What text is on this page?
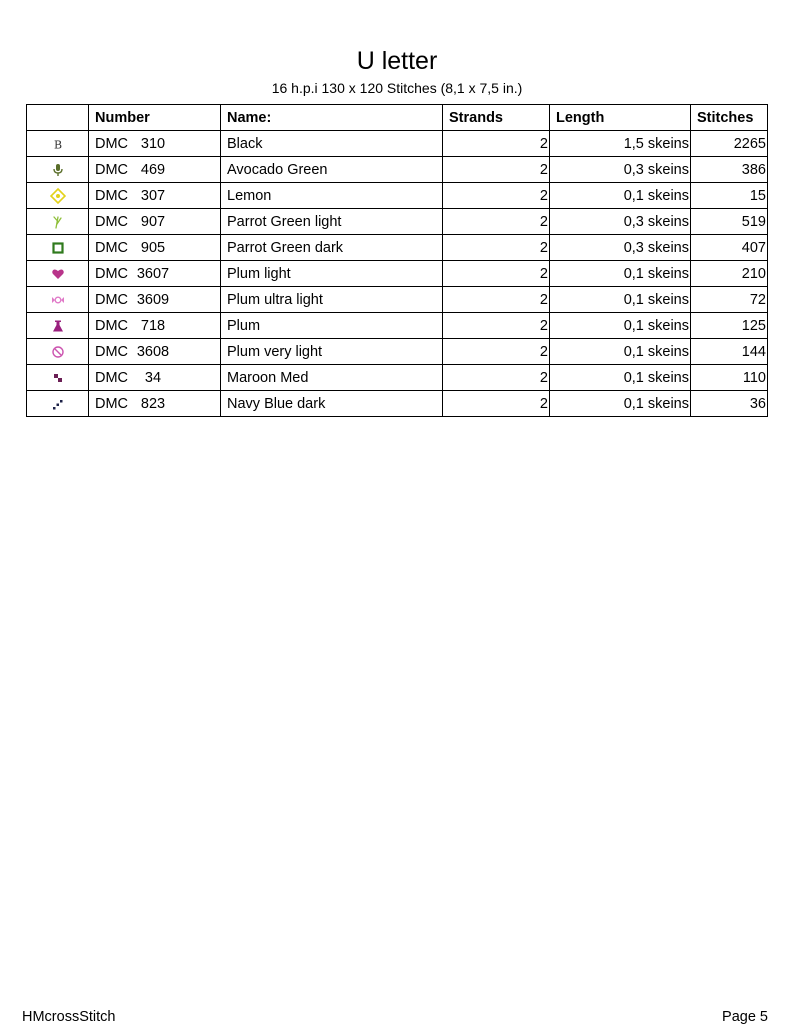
U letter
16 h.p.i 130 x 120 Stitches (8,1 x 7,5 in.)
	Number	Name:	Strands	Length	Stitches

B	DMC 310	Black	2	1,5 skeins	2265
	DMC 469	Avocado Green	2	0,3 skeins	386
	DMC 307	Lemon	2	0,1 skeins	15
	DMC 907	Parrot Green light	2	0,3 skeins	519
	DMC 905	Parrot Green dark	2	0,3 skeins	407
	DMC 3607	Plum light	2	0,1 skeins	210
	DMC 3609	Plum ultra light	2	0,1 skeins	72
	DMC 718	Plum	2	0,1 skeins	125
	DMC 3608	Plum very light	2	0,1 skeins	144
	DMC 34	Maroon Med	2	0,1 skeins	110
	DMC 823	Navy Blue dark	2	0,1 skeins	36
HMcrossStitch	Page 5
